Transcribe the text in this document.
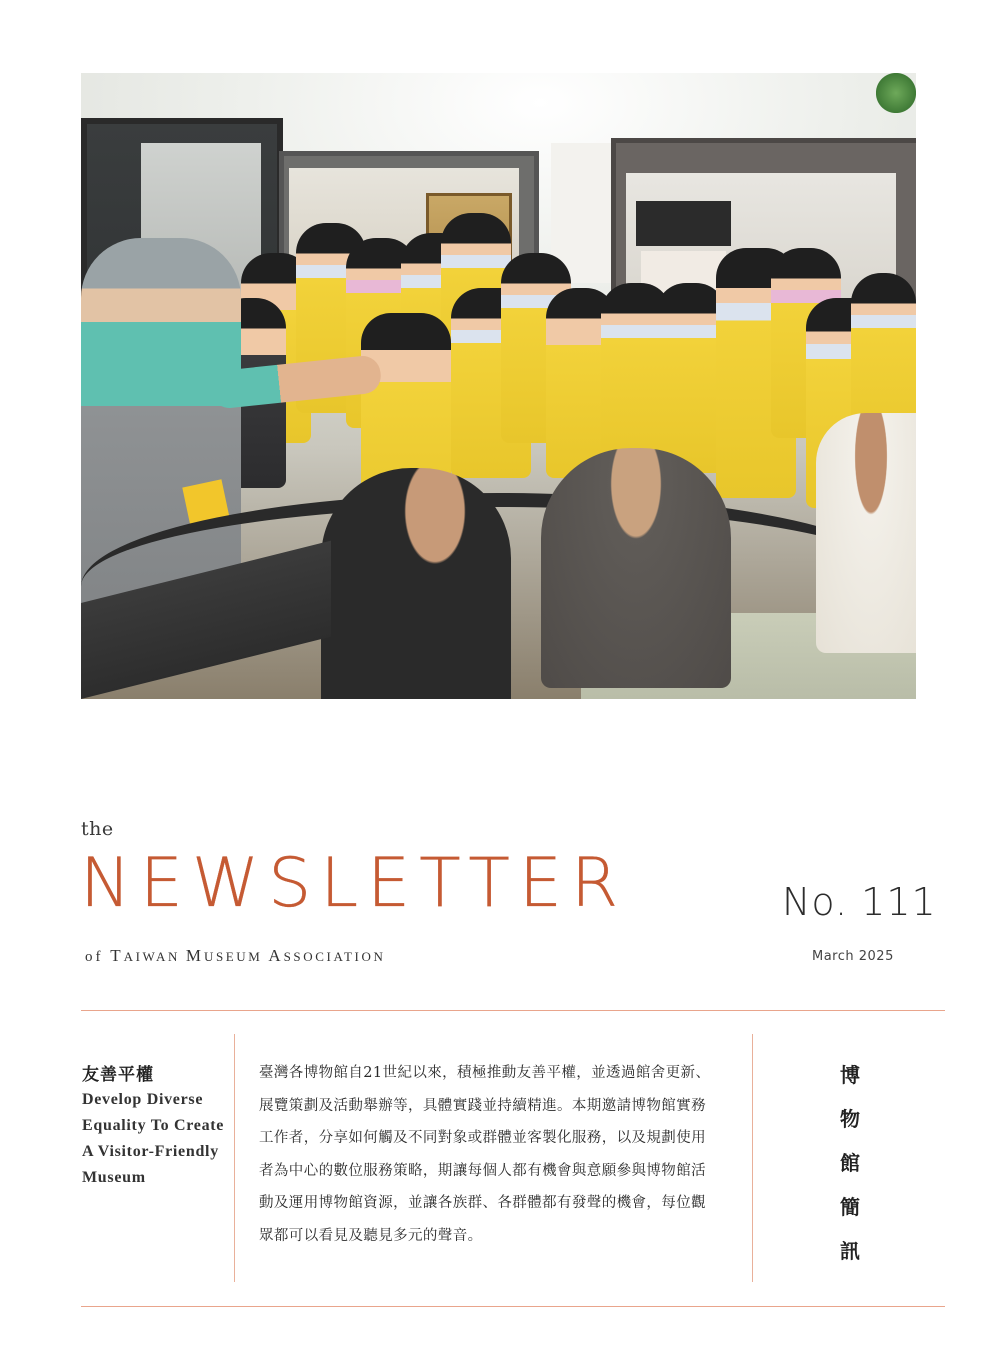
the
NEWSLETTER
of TAIWAN MUSEUM ASSOCIATION
No. 111
March 2025
友善平權
Develop Diverse
Equality To Create
A Visitor-Friendly
Museum
臺灣各博物館自21世紀以來，積極推動友善平權，並透過館舍更新、
展覽策劃及活動舉辦等，具體實踐並持續精進。本期邀請博物館實務
工作者，分享如何觸及不同對象或群體並客製化服務，以及規劃使用
者為中心的數位服務策略，期讓每個人都有機會與意願參與博物館活
動及運用博物館資源，並讓各族群、各群體都有發聲的機會，每位觀
眾都可以看見及聽見多元的聲音。
博
物
館
簡
訊
